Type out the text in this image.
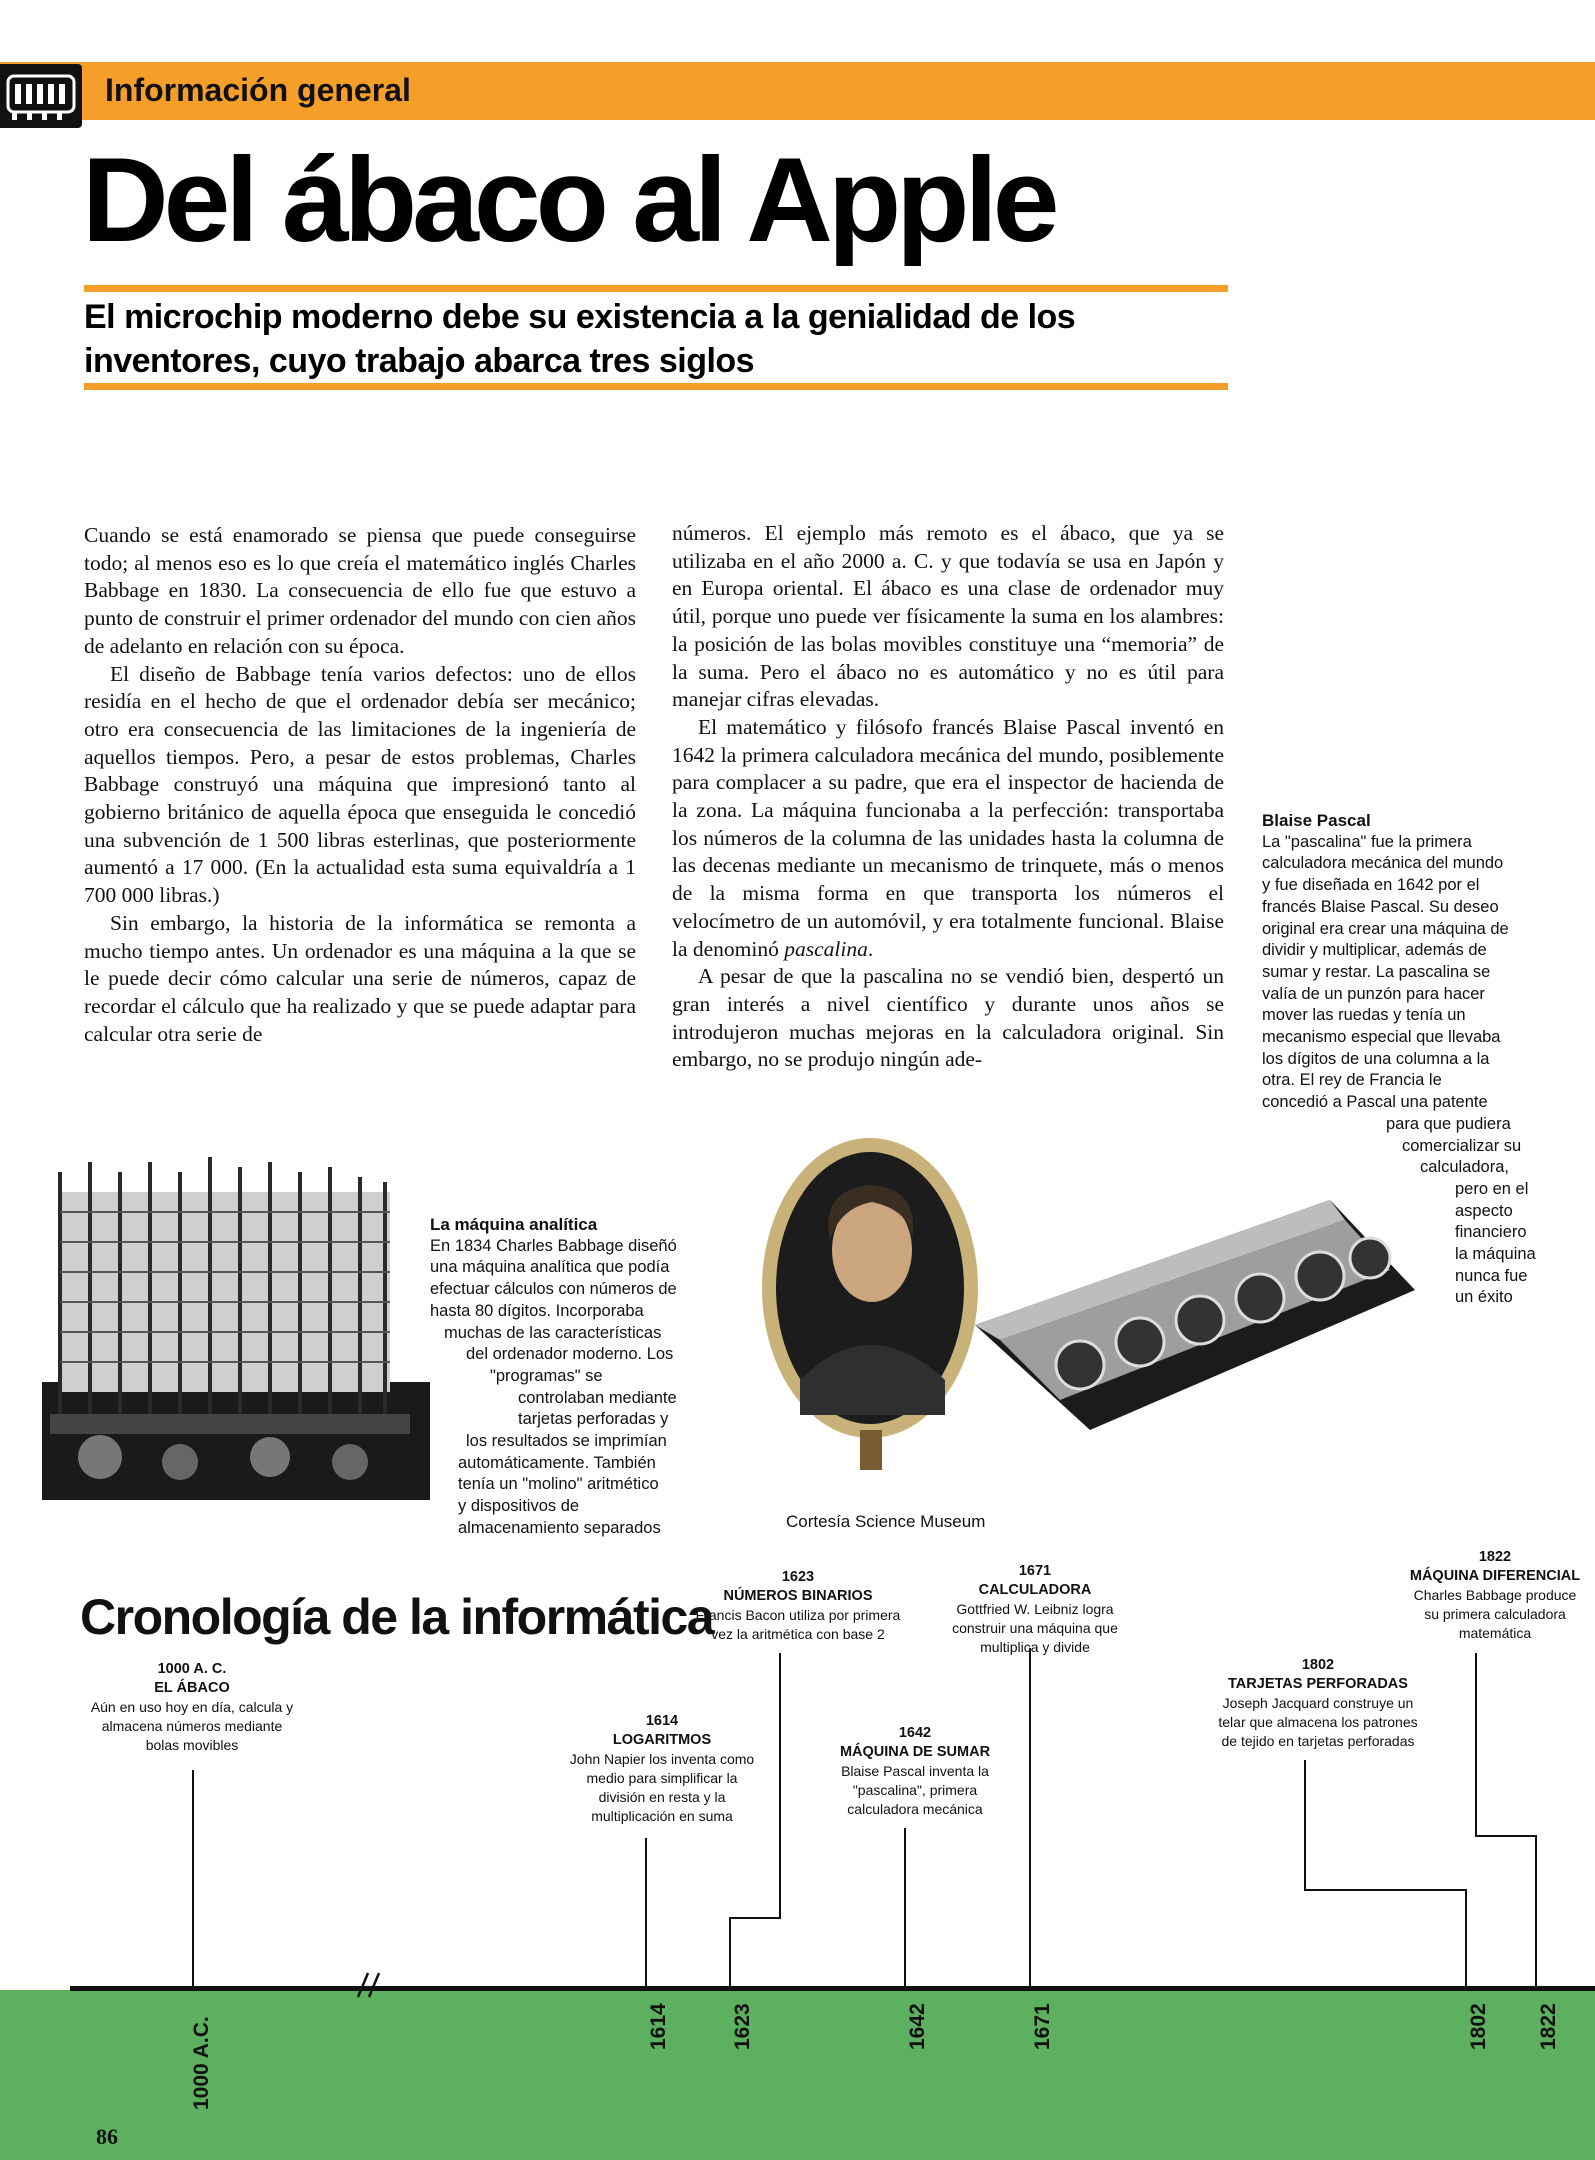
Información general
Del ábaco al Apple
El microchip moderno debe su existencia a la genialidad de los inventores, cuyo trabajo abarca tres siglos

Cuando se está enamorado se piensa que puede conseguirse todo; al menos eso es lo que creía el matemático inglés Charles Babbage en 1830. La consecuencia de ello fue que estuvo a punto de construir el primer ordenador del mundo con cien años de adelanto en relación con su época.

El diseño de Babbage tenía varios defectos: uno de ellos residía en el hecho de que el ordenador debía ser mecánico; otro era consecuencia de las limitaciones de la ingeniería de aquellos tiempos. Pero, a pesar de estos problemas, Charles Babbage construyó una máquina que impresionó tanto al gobierno británico de aquella época que enseguida le concedió una subvención de 1 500 libras esterlinas, que posteriormente aumentó a 17 000. (En la actualidad esta suma equivaldría a 1 700 000 libras.)

Sin embargo, la historia de la informática se remonta a mucho tiempo antes. Un ordenador es una máquina a la que se le puede decir cómo calcular una serie de números, capaz de recordar el cálculo que ha realizado y que se puede adaptar para calcular otra serie de

números. El ejemplo más remoto es el ábaco, que ya se utilizaba en el año 2000 a. C. y que todavía se usa en Japón y en Europa oriental. El ábaco es una clase de ordenador muy útil, porque uno puede ver físicamente la suma en los alambres: la posición de las bolas movibles constituye una “memoria” de la suma. Pero el ábaco no es automático y no es útil para manejar cifras elevadas.

El matemático y filósofo francés Blaise Pascal inventó en 1642 la primera calculadora mecánica del mundo, posiblemente para complacer a su padre, que era el inspector de hacienda de la zona. La máquina funcionaba a la perfección: transportaba los números de la columna de las unidades hasta la columna de las decenas mediante un mecanismo de trinquete, más o menos de la misma forma en que transporta los números el velocímetro de un automóvil, y era totalmente funcional. Blaise la denominó pascalina.

A pesar de que la pascalina no se vendió bien, despertó un gran interés a nivel científico y durante unos años se introdujeron muchas mejoras en la calculadora original. Sin embargo, no se produjo ningún ade-

Blaise Pascal
La "pascalina" fue la primera
calculadora mecánica del mundo
y fue diseñada en 1642 por el
francés Blaise Pascal. Su deseo
original era crear una máquina de
dividir y multiplicar, además de
sumar y restar. La pascalina se
valía de un punzón para hacer
mover las ruedas y tenía un
mecanismo especial que llevaba
los dígitos de una columna a la
otra. El rey de Francia le
concedió a Pascal una patente
para que pudiera
comercializar su
calculadora,
pero en el
aspecto
financiero
la máquina
nunca fue
un éxito
La máquina analítica
En 1834 Charles Babbage diseñó
una máquina analítica que podía
efectuar cálculos con números de
hasta 80 dígitos. Incorporaba
muchas de las características
del ordenador moderno. Los
"programas" se
controlaban mediante
tarjetas perforadas y
los resultados se imprimían
automáticamente. También
tenía un "molino" aritmético
y dispositivos de
almacenamiento separados	Cortesía Science Museum
Cronología de la informática
1000 A. C.
EL ÁBACO
Aún en uso hoy en día, calcula y
almacena números mediante
bolas movibles
1614
LOGARITMOS
John Napier los inventa como
medio para simplificar la
división en resta y la
multiplicación en suma
1623
NÚMEROS BINARIOS
Francis Bacon utiliza por primera
vez la aritmética con base 2
1642
MÁQUINA DE SUMAR
Blaise Pascal inventa la
"pascalina", primera
calculadora mecánica
1671
CALCULADORA
Gottfried W. Leibniz logra
construir una máquina que
multiplica y divide
1802
TARJETAS PERFORADAS
Joseph Jacquard construye un
telar que almacena los patrones
de tejido en tarjetas perforadas
1822
MÁQUINA DIFERENCIAL
Charles Babbage produce
su primera calculadora
matemática
1000 A.C.	1614	1623	1642	1671	1802 1822
86
